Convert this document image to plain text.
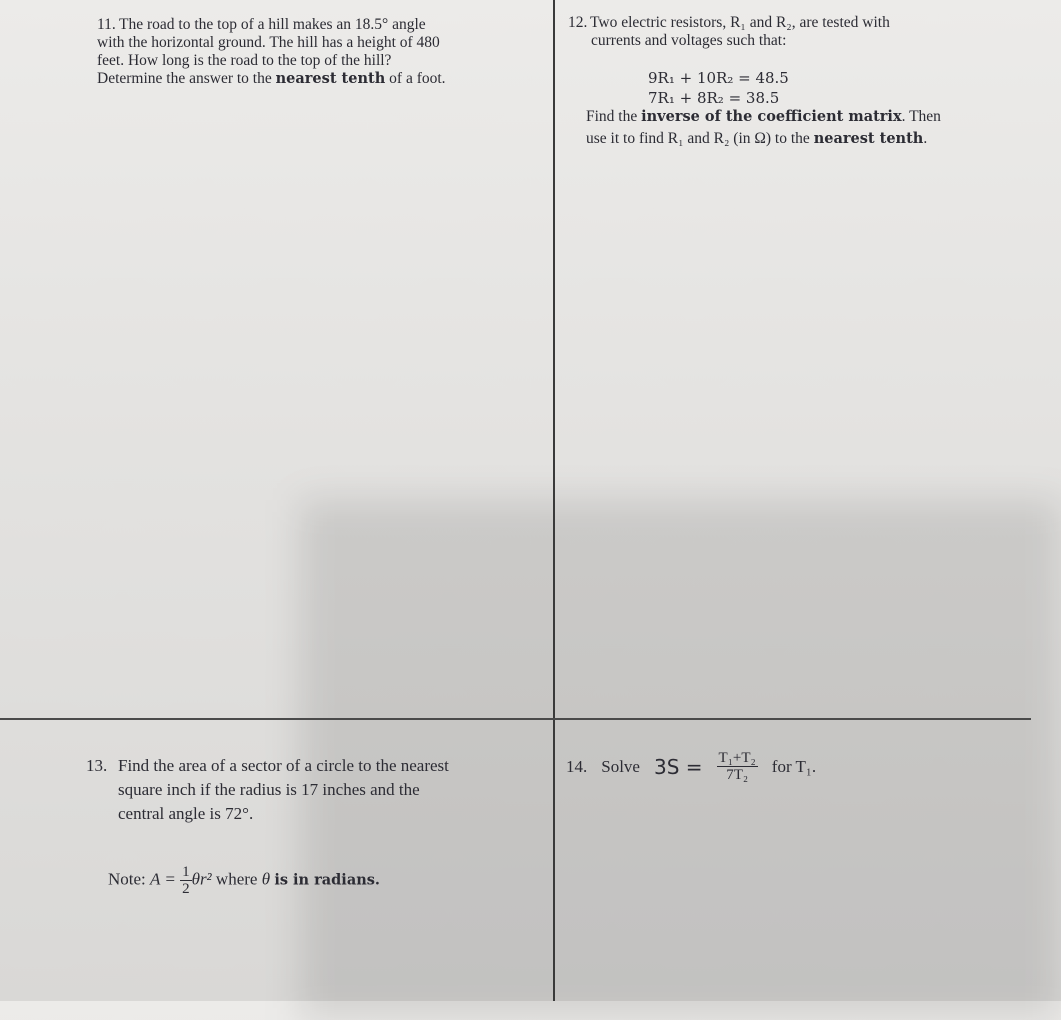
11. The road to the top of a hill makes an 18.5° angle
with the horizontal ground. The hill has a height of 480
feet. How long is the road to the top of the hill?
Determine the answer to the nearest tenth of a foot.
12. Two electric resistors, R₁ and R₂, are tested with
currents and voltages such that:
9R₁ + 10R₂ = 48.5
7R₁ + 8R₂ = 38.5
Find the inverse of the coefficient matrix. Then
use it to find R₁ and R₂ (in Ω) to the nearest tenth.
13. Find the area of a sector of a circle to the nearest
square inch if the radius is 17 inches and the
central angle is 72°.
Note: $A = \frac{1}{2} \theta r^2$ where θ is in radians.
14. Solve $3S = \frac{\text{T₁+T₂}}{\text{7T₂}}$ for T₁.
